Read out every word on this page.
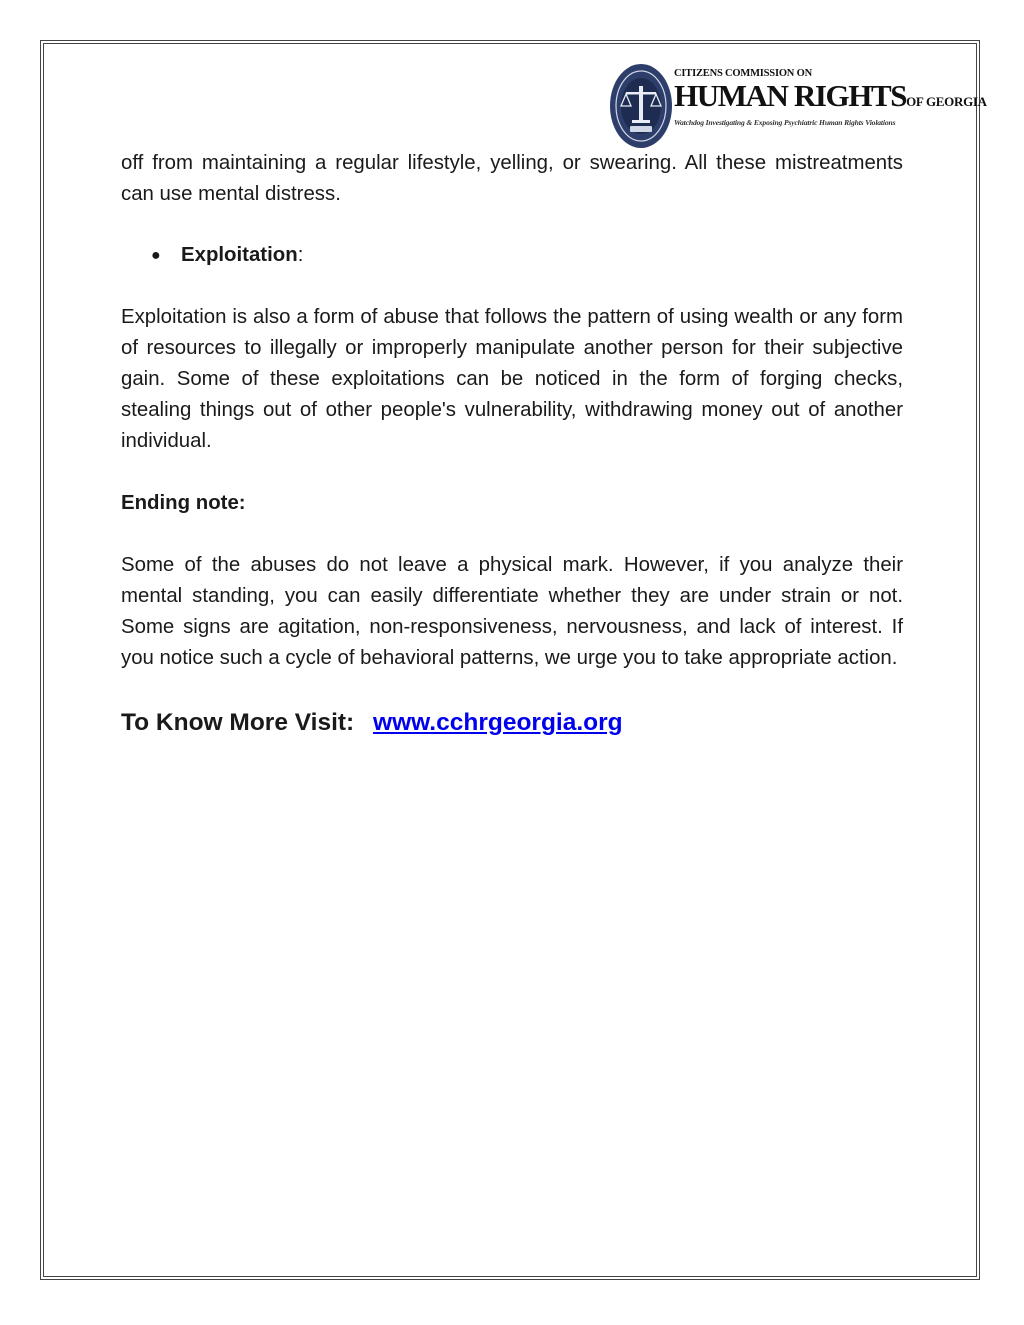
CITIZENS COMMISSION ON
HUMAN RIGHTSOF GEORGIA
Watchdog Investigating & Exposing Psychiatric Human Rights Violations

off from maintaining a regular lifestyle, yelling, or swearing. All these mistreatments can use mental distress.

● Exploitation:

Exploitation is also a form of abuse that follows the pattern of using wealth or any form of resources to illegally or improperly manipulate another person for their subjective gain. Some of these exploitations can be noticed in the form of forging checks, stealing things out of other people's vulnerability, withdrawing money out of another individual.

Ending note:

Some of the abuses do not leave a physical mark. However, if you analyze their mental standing, you can easily differentiate whether they are under strain or not. Some signs are agitation, non-responsiveness, nervousness, and lack of interest. If you notice such a cycle of behavioral patterns, we urge you to take appropriate action.

To Know More Visit: www.cchrgeorgia.org
